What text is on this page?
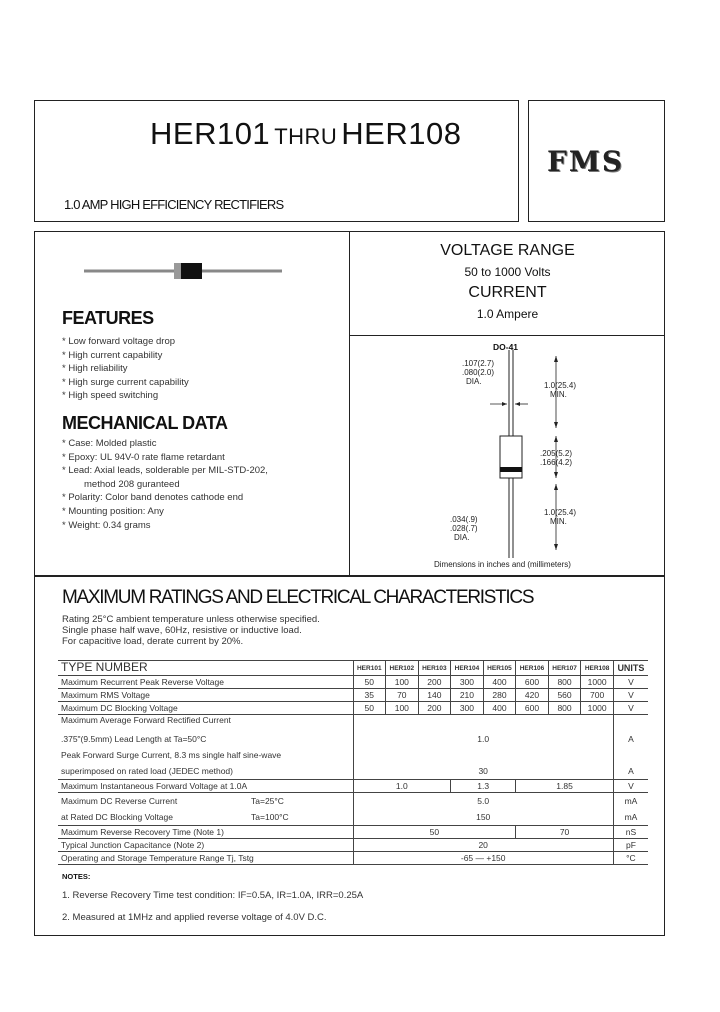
HER101 THRU HER108
1.0 AMP HIGH EFFICIENCY RECTIFIERS
FMS
FEATURES
* Low forward voltage drop
* High current capability
* High reliability
* High surge current capability
* High speed switching
MECHANICAL DATA
* Case: Molded plastic
* Epoxy: UL 94V-0 rate flame retardant
* Lead: Axial leads, solderable per MIL-STD-202,
method 208 guranteed
* Polarity: Color band denotes cathode end
* Mounting position: Any
* Weight: 0.34 grams
VOLTAGE RANGE
50 to 1000 Volts
CURRENT
1.0 Ampere
DO-41
.107(2.7)
.080(2.0)
DIA.	1.0(25.4)
MIN.
.205(5.2)
.166(4.2)
1.0(25.4)
MIN.
.034(.9)
.028(.7)
DIA.
Dimensions in inches and (millimeters)
MAXIMUM RATINGS AND ELECTRICAL CHARACTERISTICS
Rating 25°C ambient temperature unless otherwise specified.
Single phase half wave, 60Hz, resistive or inductive load.
For capacitive load, derate current by 20%.
TYPE NUMBER	HER101	HER102	HER103	HER104	HER105	HER106	HER107	HER108	UNITS
Maximum Recurrent Peak Reverse Voltage	50	100	200	300	400	600	800	1000	V
Maximum RMS Voltage	35	70	140	210	280	420	560	700	V
Maximum DC Blocking Voltage	50	100	200	300	400	600	800	1000	V
Maximum Average Forward Rectified Current									
.375"(9.5mm) Lead Length at Ta=50°C	1.0								A
Peak Forward Surge Current, 8.3 ms single half sine-wave									
superimposed on rated load (JEDEC method)	30								A
Maximum Instantaneous Forward Voltage at 1.0A	1.0			1.3		1.85			V
Maximum DC Reverse Current Ta=25°C	5.0								mA
at Rated DC Blocking Voltage Ta=100°C	150								mA
Maximum Reverse Recovery Time (Note 1)	50					70			nS
Typical Junction Capacitance (Note 2)	20								pF
Operating and Storage Temperature Range Tj, Tstg	-65 — +150								°C
NOTES:
1. Reverse Recovery Time test condition: IF=0.5A, IR=1.0A, IRR=0.25A
2. Measured at 1MHz and applied reverse voltage of 4.0V D.C.
